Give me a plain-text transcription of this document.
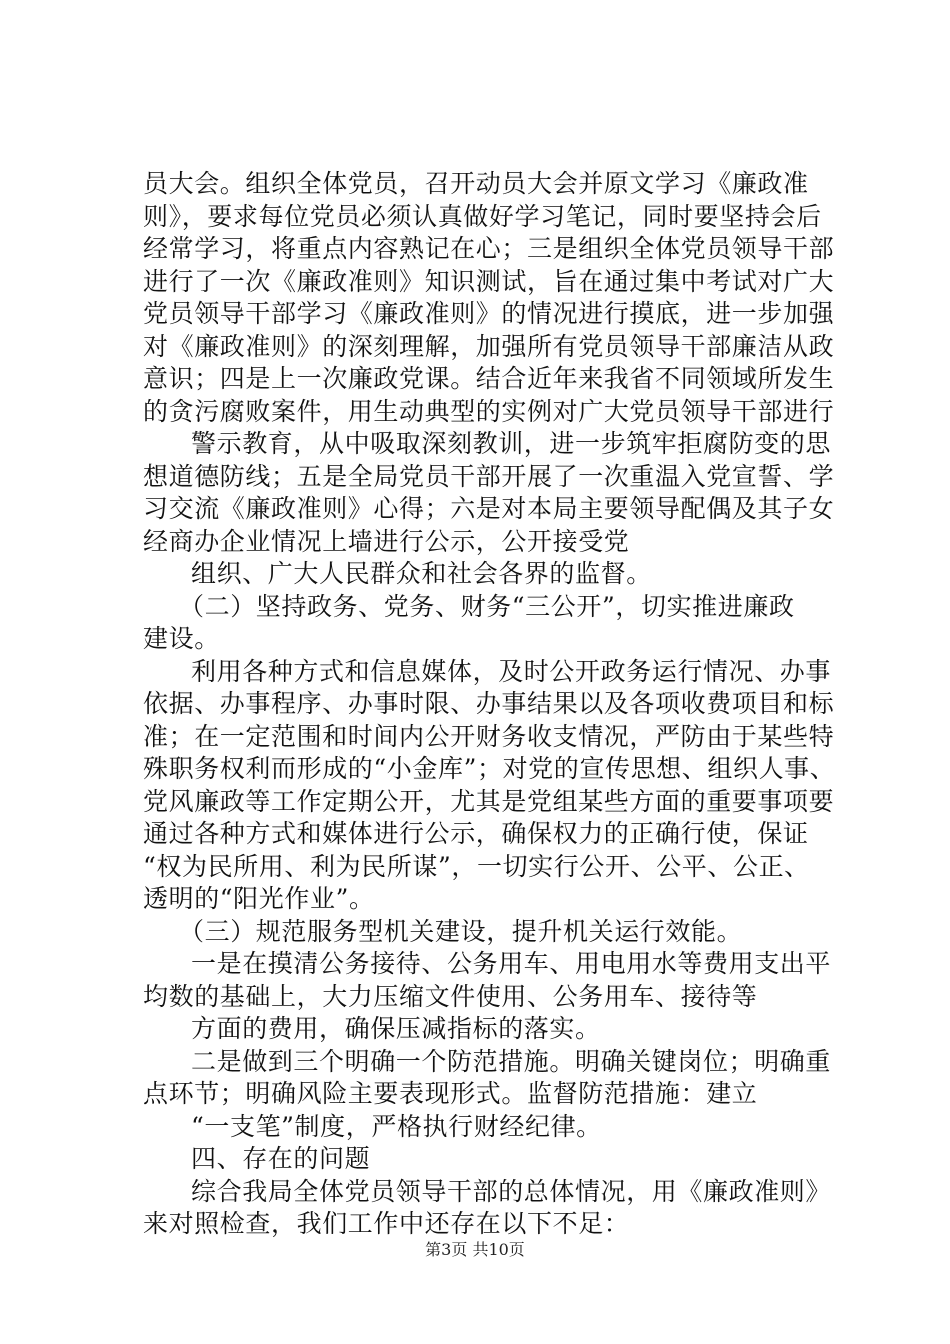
员大会。组织全体党员，召开动员大会并原文学习《廉政准
则》，要求每位党员必须认真做好学习笔记，同时要坚持会后
经常学习，将重点内容熟记在心；三是组织全体党员领导干部
进行了一次《廉政准则》知识测试，旨在通过集中考试对广大
党员领导干部学习《廉政准则》的情况进行摸底，进一步加强
对《廉政准则》的深刻理解，加强所有党员领导干部廉洁从政
意识；四是上一次廉政党课。结合近年来我省不同领域所发生
的贪污腐败案件，用生动典型的实例对广大党员领导干部进行
警示教育，从中吸取深刻教训，进一步筑牢拒腐防变的思
想道德防线；五是全局党员干部开展了一次重温入党宣誓、学
习交流《廉政准则》心得；六是对本局主要领导配偶及其子女
经商办企业情况上墙进行公示，公开接受党
组织、广大人民群众和社会各界的监督。
（二）坚持政务、党务、财务“三公开”，切实推进廉政
建设。
利用各种方式和信息媒体，及时公开政务运行情况、办事
依据、办事程序、办事时限、办事结果以及各项收费项目和标
准；在一定范围和时间内公开财务收支情况，严防由于某些特
殊职务权利而形成的“小金库”；对党的宣传思想、组织人事、
党风廉政等工作定期公开，尤其是党组某些方面的重要事项要
通过各种方式和媒体进行公示，确保权力的正确行使，保证
“权为民所用、利为民所谋”，一切实行公开、公平、公正、
透明的“阳光作业”。
（三）规范服务型机关建设，提升机关运行效能。
一是在摸清公务接待、公务用车、用电用水等费用支出平
均数的基础上，大力压缩文件使用、公务用车、接待等
方面的费用，确保压减指标的落实。
二是做到三个明确一个防范措施。明确关键岗位；明确重
点环节；明确风险主要表现形式。监督防范措施：建立
“一支笔”制度，严格执行财经纪律。
四、存在的问题
综合我局全体党员领导干部的总体情况，用《廉政准则》
来对照检查，我们工作中还存在以下不足：
第3页 共10页
